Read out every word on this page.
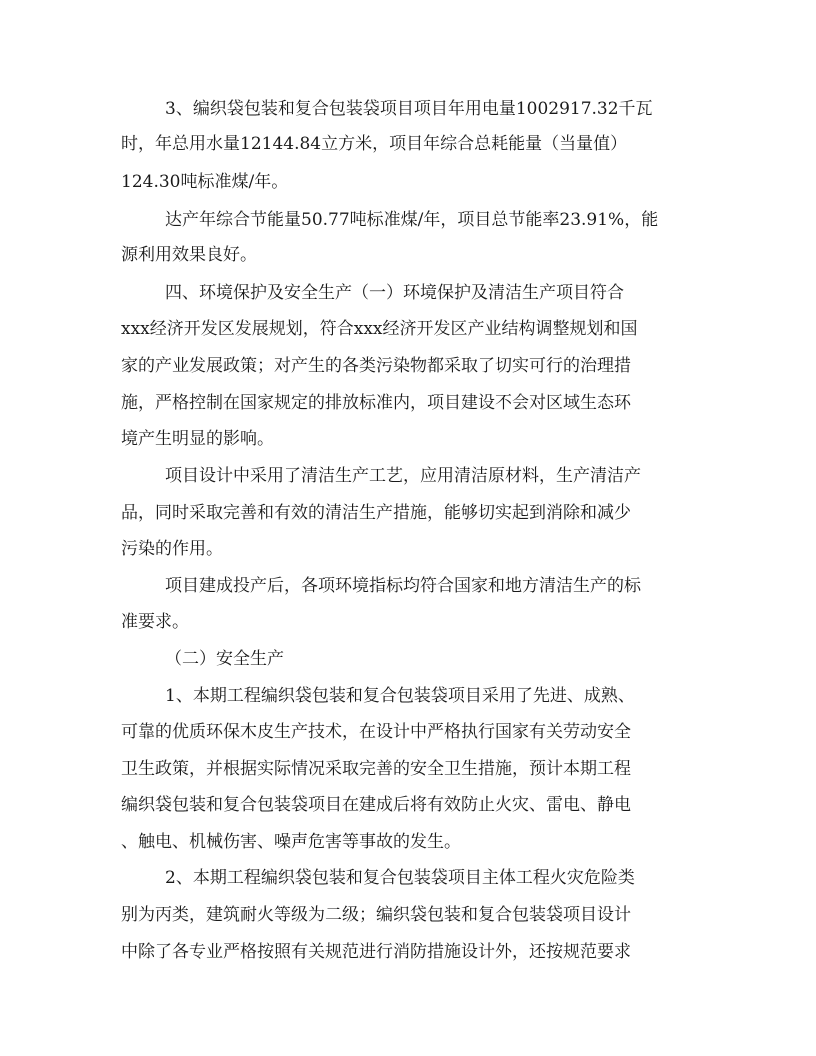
3、编织袋包装和复合包装袋项目项目年用电量1002917.32千瓦
时，年总用水量12144.84立方米，项目年综合总耗能量（当量值）
124.30吨标准煤/年。
达产年综合节能量50.77吨标准煤/年，项目总节能率23.91%，能
源利用效果良好。
四、环境保护及安全生产（一）环境保护及清洁生产项目符合
xxx经济开发区发展规划，符合xxx经济开发区产业结构调整规划和国
家的产业发展政策；对产生的各类污染物都采取了切实可行的治理措
施，严格控制在国家规定的排放标准内，项目建设不会对区域生态环
境产生明显的影响。
项目设计中采用了清洁生产工艺，应用清洁原材料，生产清洁产
品，同时采取完善和有效的清洁生产措施，能够切实起到消除和减少
污染的作用。
项目建成投产后，各项环境指标均符合国家和地方清洁生产的标
准要求。
（二）安全生产
1、本期工程编织袋包装和复合包装袋项目采用了先进、成熟、
可靠的优质环保木皮生产技术，在设计中严格执行国家有关劳动安全
卫生政策，并根据实际情况采取完善的安全卫生措施，预计本期工程
编织袋包装和复合包装袋项目在建成后将有效防止火灾、雷电、静电
、触电、机械伤害、噪声危害等事故的发生。
2、本期工程编织袋包装和复合包装袋项目主体工程火灾危险类
别为丙类，建筑耐火等级为二级；编织袋包装和复合包装袋项目设计
中除了各专业严格按照有关规范进行消防措施设计外，还按规范要求
